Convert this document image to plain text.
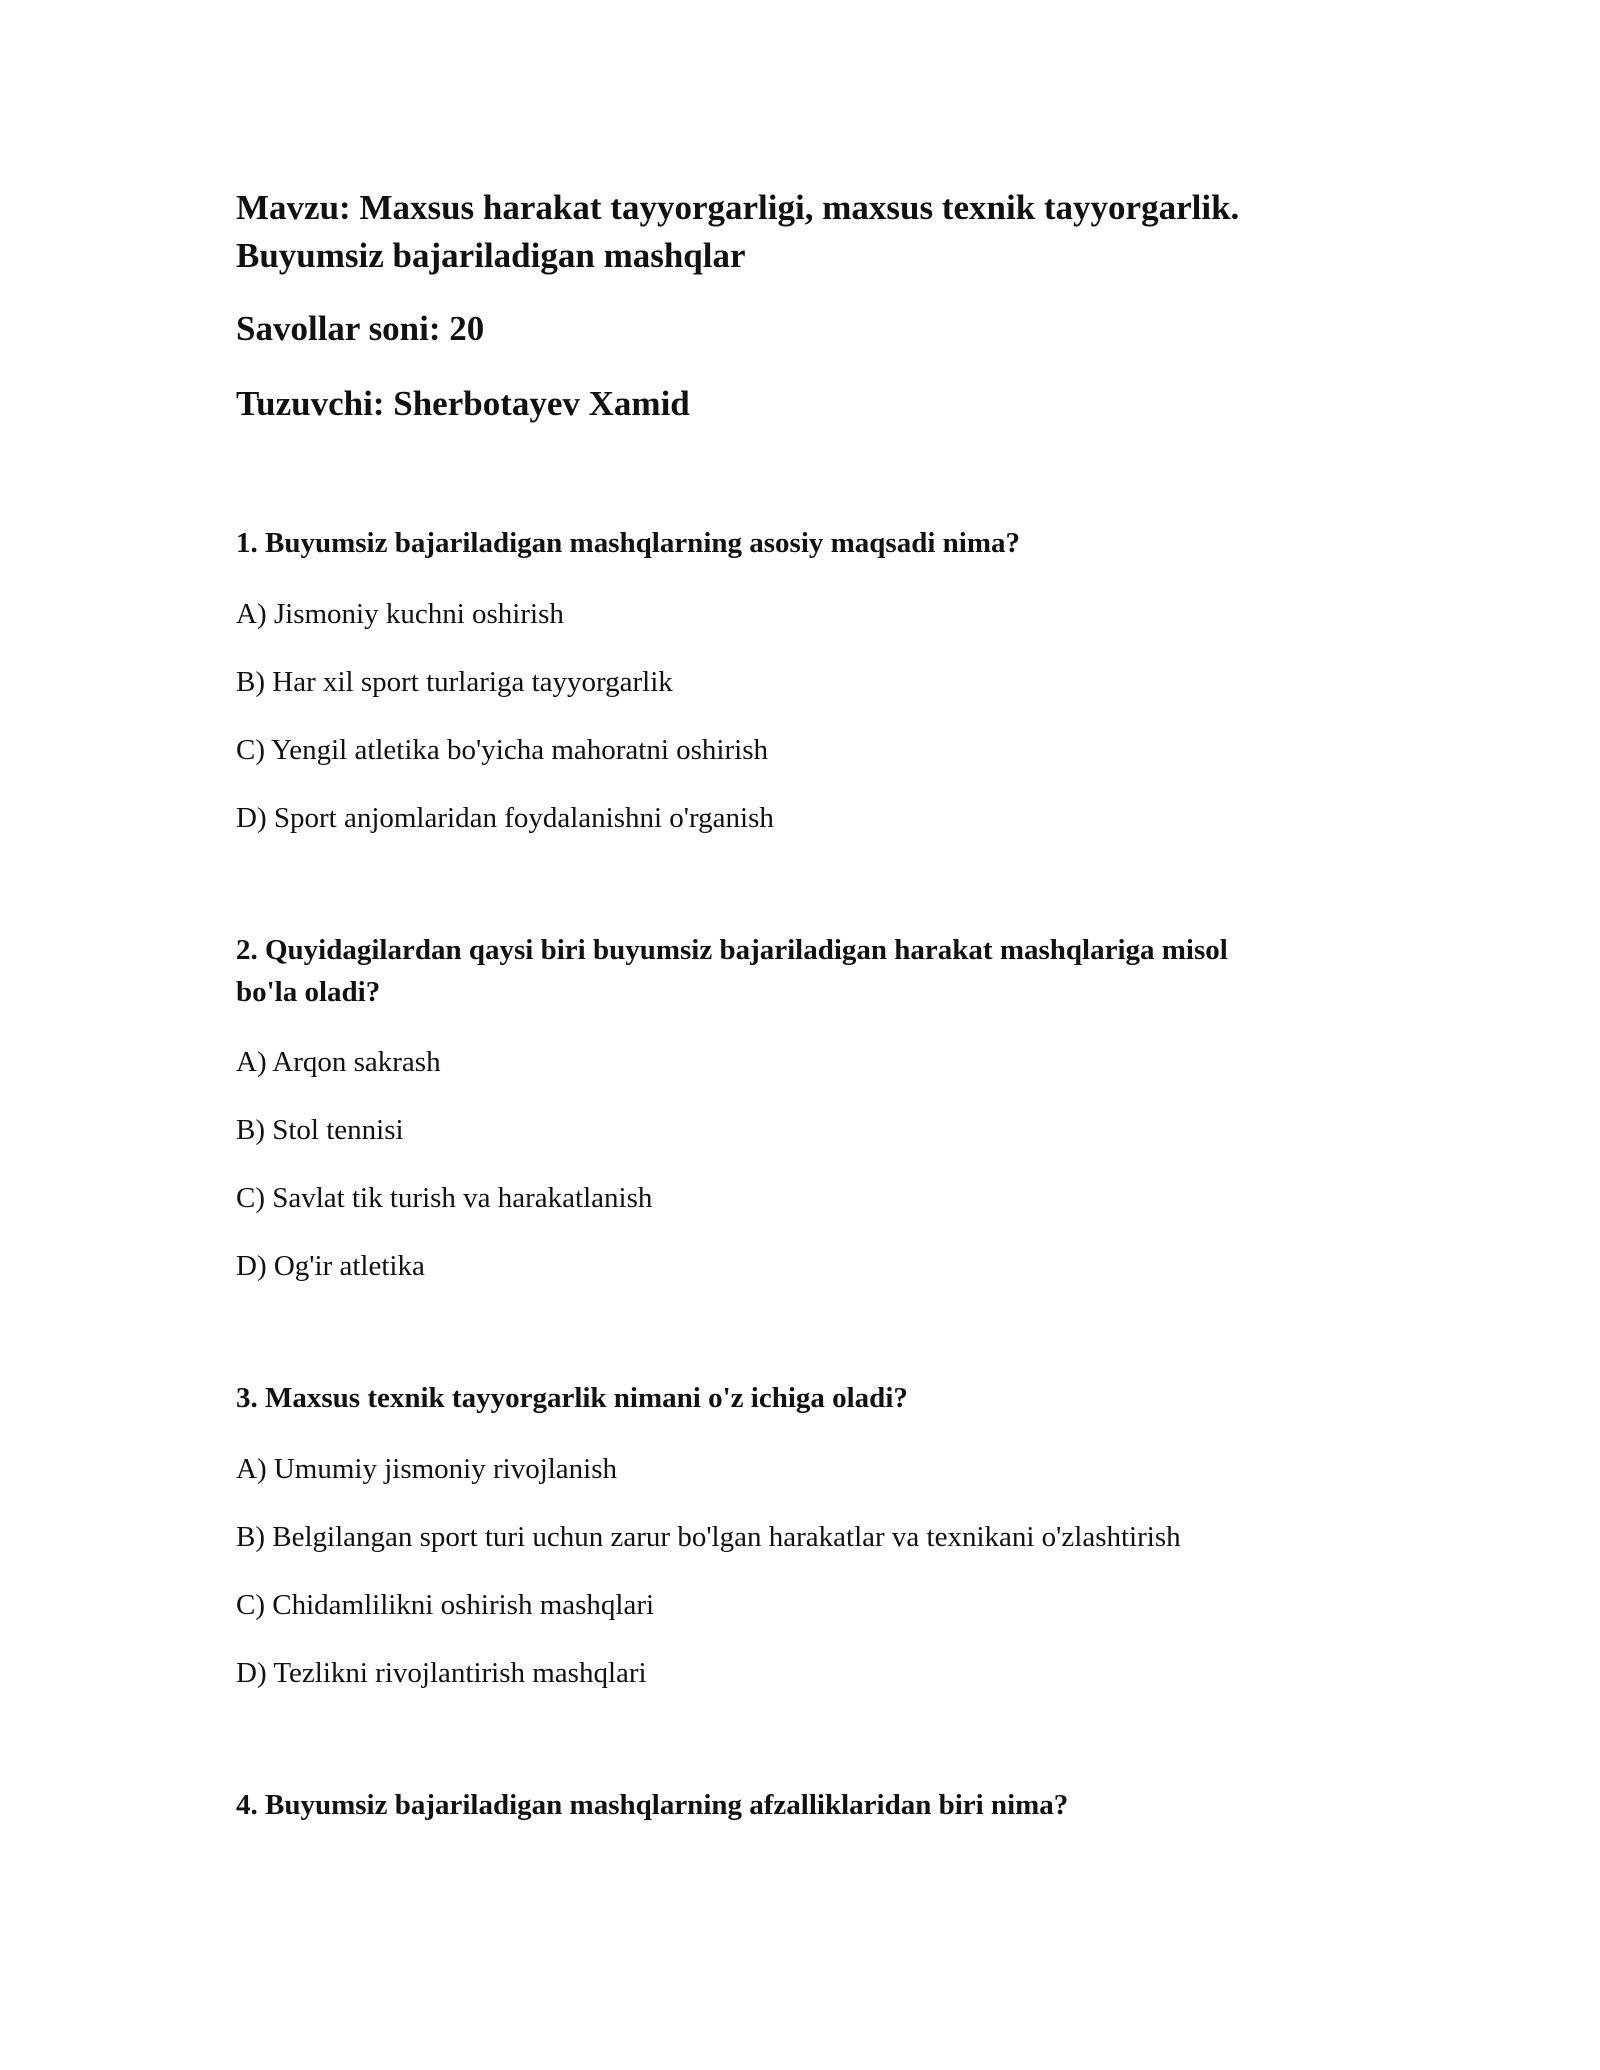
Mavzu: Maxsus harakat tayyorgarligi, maxsus texnik tayyorgarlik.
Buyumsiz bajariladigan mashqlar
Savollar soni: 20
Tuzuvchi: Sherbotayev Xamid
1. Buyumsiz bajariladigan mashqlarning asosiy maqsadi nima?
A) Jismoniy kuchni oshirish
B) Har xil sport turlariga tayyorgarlik
C) Yengil atletika bo'yicha mahoratni oshirish
D) Sport anjomlaridan foydalanishni o'rganish
2. Quyidagilardan qaysi biri buyumsiz bajariladigan harakat mashqlariga misol
bo'la oladi?
A) Arqon sakrash
B) Stol tennisi
C) Savlat tik turish va harakatlanish
D) Og'ir atletika
3. Maxsus texnik tayyorgarlik nimani o'z ichiga oladi?
A) Umumiy jismoniy rivojlanish
B) Belgilangan sport turi uchun zarur bo'lgan harakatlar va texnikani o'zlashtirish
C) Chidamlilikni oshirish mashqlari
D) Tezlikni rivojlantirish mashqlari
4. Buyumsiz bajariladigan mashqlarning afzalliklaridan biri nima?
